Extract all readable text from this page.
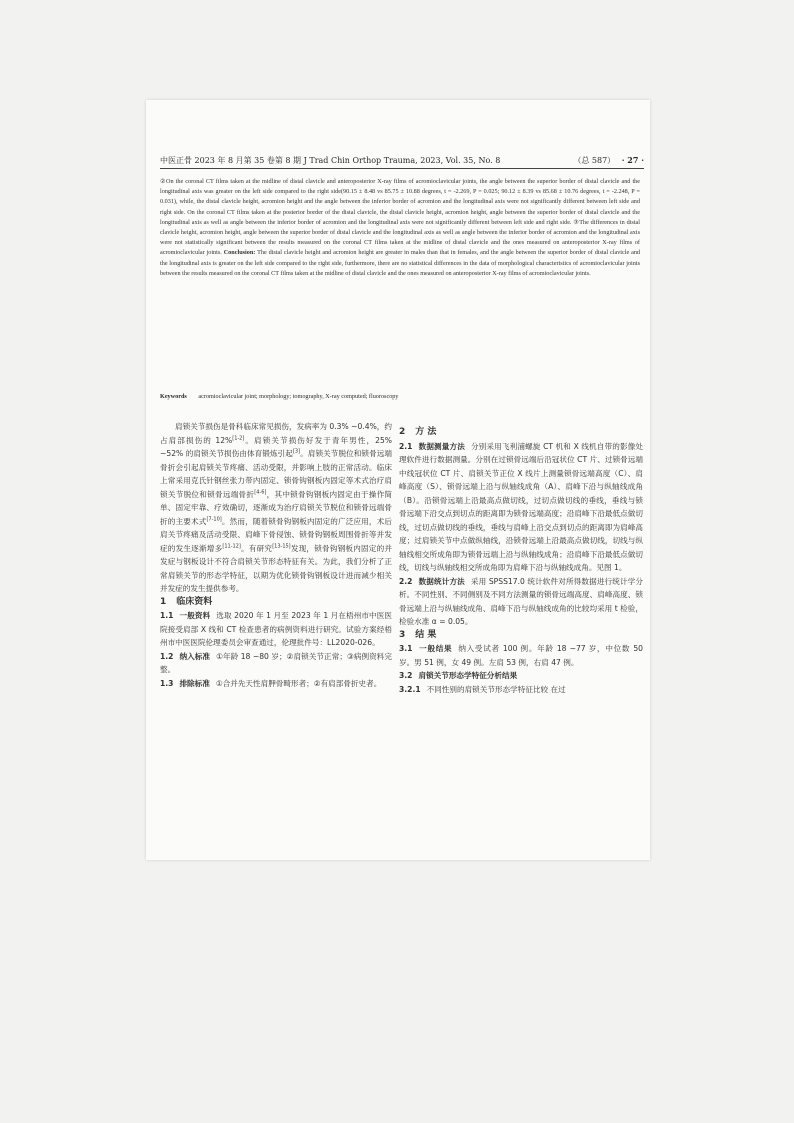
中医正骨 2023 年 8 月第 35 卷第 8 期 J Trad Chin Orthop Trauma, 2023, Vol. 35, No. 8	（总 587） · 27 ·
②On the coronal CT films taken at the midline of distal clavicle and anteroposterior X-ray films of acromioclavicular joints, the angle between the superior border of distal clavicle and the longitudinal axis was greater on the left side compared to the right side(90.15 ± 8.48 vs 85.75 ± 10.88 degrees, t = -2.269, P = 0.025; 90.12 ± 8.39 vs 85.68 ± 10.76 degrees, t = -2.248, P = 0.031), while, the distal clavicle height, acromion height and the angle between the inferior border of acromion and the longitudinal axis were not significantly different between left side and right side. On the coronal CT films taken at the posterior border of the distal clavicle, the distal clavicle height, acromion height, angle between the superior border of distal clavicle and the longitudinal axis as well as angle between the inferior border of acromion and the longitudinal axis were not significantly different between left side and right side. ③The differences in distal clavicle height, acromion height, angle between the superior border of distal clavicle and the longitudinal axis as well as angle between the inferior border of acromion and the longitudinal axis were not statistically significant between the results measured on the coronal CT films taken at the midline of distal clavicle and the ones measured on anteroposterior X-ray films of acromioclavicular joints. Conclusion: The distal clavicle height and acromion height are greater in males than that in females, and the angle between the superior border of distal clavicle and the longitudinal axis is greater on the left side compared to the right side, furthermore, there are no statistical differences in the data of morphological characteristics of acromioclavicular joints between the results measured on the coronal CT films taken at the midline of distal clavicle and the ones measured on anteroposterior X-ray films of acromioclavicular joints.
Keywords acromioclavicular joint; morphology; tomography, X-ray computed; fluoroscopy

肩锁关节损伤是骨科临床常见损伤，发病率为 0.3% ~0.4%，约占肩部损伤的 12%[1-2]。肩锁关节损伤好发于青年男性，25% ~52% 的肩锁关节损伤由体育锻炼引起[3]。肩锁关节脱位和锁骨远端骨折会引起肩锁关节疼痛、活动受限，并影响上肢的正常活动。临床上常采用克氏针钢丝张力带内固定、锁骨钩钢板内固定等术式治疗肩锁关节脱位和锁骨远端骨折[4-6]，其中锁骨钩钢板内固定由于操作简单、固定牢靠、疗效确切，逐渐成为治疗肩锁关节脱位和锁骨远端骨折的主要术式[7-10]。然而，随着锁骨钩钢板内固定的广泛应用，术后肩关节疼痛及活动受限、肩峰下骨侵蚀、锁骨钩钢板周围骨折等并发症的发生逐渐增多[11-12]。有研究[13-15]发现，锁骨钩钢板内固定的并发症与钢板设计不符合肩锁关节形态特征有关。为此，我们分析了正常肩锁关节的形态学特征，以期为优化锁骨钩钢板设计进而减少相关并发症的发生提供参考。

1 临床资料

1.1 一般资料 选取 2020 年 1 月至 2023 年 1 月在梧州市中医医院接受肩部 X 线和 CT 检查患者的病例资料进行研究。试验方案经梧州市中医医院伦理委员会审查通过，伦理批件号：LL2020-026。

1.2 纳入标准 ①年龄 18 ~80 岁；②肩锁关节正常；③病例资料完整。

1.3 排除标准 ①合并先天性肩胛骨畸形者；②有肩部骨折史者。

2 方 法

2.1 数据测量方法 分别采用飞利浦螺旋 CT 机和 X 线机自带的影像处理软件进行数据测量。分别在过锁骨远端后沿冠状位 CT 片、过锁骨远端中线冠状位 CT 片、肩锁关节正位 X 线片上测量锁骨远端高度（C）、肩峰高度（S）、锁骨远端上沿与纵轴线成角（A）、肩峰下沿与纵轴线成角（B）。沿锁骨远端上沿最高点做切线，过切点做切线的垂线，垂线与锁骨远端下沿交点到切点的距离即为锁骨远端高度；沿肩峰下沿最低点做切线，过切点做切线的垂线，垂线与肩峰上沿交点到切点的距离即为肩峰高度；过肩锁关节中点做纵轴线，沿锁骨远端上沿最高点做切线，切线与纵轴线相交所成角即为锁骨远端上沿与纵轴线成角；沿肩峰下沿最低点做切线，切线与纵轴线相交所成角即为肩峰下沿与纵轴线成角。见图 1。

2.2 数据统计方法 采用 SPSS17.0 统计软件对所得数据进行统计学分析。不同性别、不同侧别及不同方法测量的锁骨远端高度、肩峰高度、锁骨远端上沿与纵轴线成角、肩峰下沿与纵轴线成角的比较均采用 t 检验，检验水准 α = 0.05。

3 结 果

3.1 一般结果 纳入受试者 100 例。年龄 18 ~77 岁，中位数 50 岁。男 51 例，女 49 例。左肩 53 例，右肩 47 例。

3.2 肩锁关节形态学特征分析结果

3.2.1 不同性别的肩锁关节形态学特征比较 在过
